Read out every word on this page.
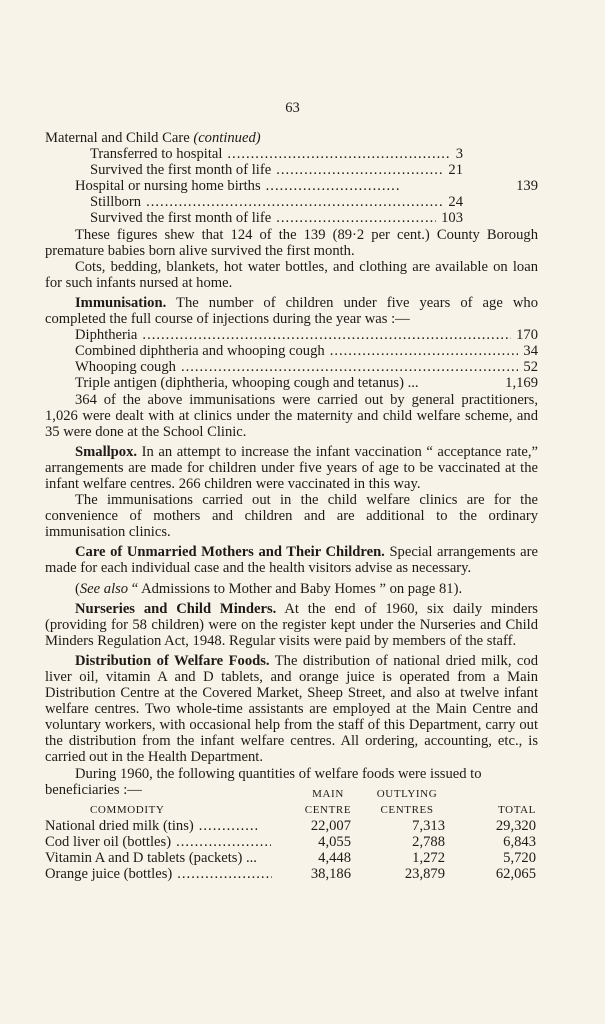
63
Maternal and Child Care (continued)
Transferred to hospital .....	3
Survived the first month of life .....	21
Hospital or nursing home births .....	139
Stillborn .....	24
Survived the first month of life .....	103
These figures shew that 124 of the 139 (89·2 per cent.) County Borough premature babies born alive survived the first month.
Cots, bedding, blankets, hot water bottles, and clothing are available on loan for such infants nursed at home.
Immunisation. The number of children under five years of age who completed the full course of injections during the year was :—
Diphtheria .....	170
Combined diphtheria and whooping cough .....	34
Whooping cough .....	52
Triple antigen (diphtheria, whooping cough and tetanus) ...	1,169
364 of the above immunisations were carried out by general practitioners, 1,026 were dealt with at clinics under the maternity and child welfare scheme, and 35 were done at the School Clinic.
Smallpox. In an attempt to increase the infant vaccination “ acceptance rate,” arrangements are made for children under five years of age to be vaccinated at the infant welfare centres. 266 children were vaccinated in this way.
The immunisations carried out in the child welfare clinics are for the convenience of mothers and children and are additional to the ordinary immunisation clinics.
Care of Unmarried Mothers and Their Children. Special arrangements are made for each individual case and the health visitors advise as necessary.
(See also “ Admissions to Mother and Baby Homes ” on page 81).
Nurseries and Child Minders. At the end of 1960, six daily minders (providing for 58 children) were on the register kept under the Nurseries and Child Minders Regulation Act, 1948. Regular visits were paid by members of the staff.
Distribution of Welfare Foods. The distribution of national dried milk, cod liver oil, vitamin A and D tablets, and orange juice is operated from a Main Distribution Centre at the Covered Market, Sheep Street, and also at twelve infant welfare centres. Two whole-time assistants are employed at the Main Centre and voluntary workers, with occasional help from the staff of this Department, carry out the distribution from the infant welfare centres. All ordering, accounting, etc., is carried out in the Health Department.
During 1960, the following quantities of welfare foods were issued to
beneficiaries :—	MAIN	OUTLYING
COMMODITY	CENTRE	CENTRES	TOTAL
National dried milk (tins) .....	22,007	7,313	29,320
Cod liver oil (bottles) .....	4,055	2,788	6,843
Vitamin A and D tablets (packets) ...	4,448	1,272	5,720
Orange juice (bottles) .....	38,186	23,879	62,065
